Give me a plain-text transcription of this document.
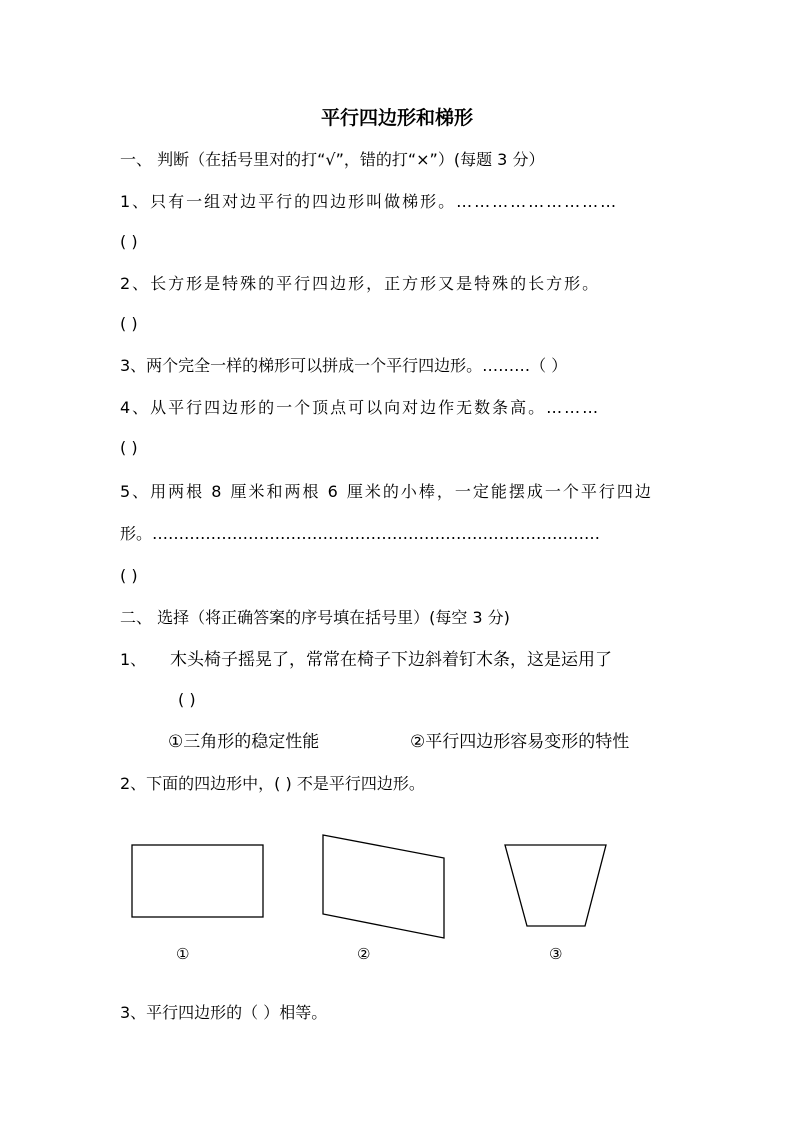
平行四边形和梯形
一、 判断（在括号里对的打“√”，错的打“×”）(每题 3 分）
1、只有一组对边平行的四边形叫做梯形。………………………
( )
2、长方形是特殊的平行四边形，正方形又是特殊的长方形。
( )
3、两个完全一样的梯形可以拼成一个平行四边形。………（ ）
4、从平行四边形的一个顶点可以向对边作无数条高。………
( )
5、用两根 8 厘米和两根 6 厘米的小棒，一定能摆成一个平行四边
形。…………………………………………………………………………
( )
二、 选择（将正确答案的序号填在括号里）(每空 3 分)
1、 木头椅子摇晃了，常常在椅子下边斜着钉木条，这是运用了
( )
①三角形的稳定性能	②平行四边形容易变形的特性
2、下面的四边形中，( ) 不是平行四边形。
①	②	③
3、平行四边形的（ ）相等。
